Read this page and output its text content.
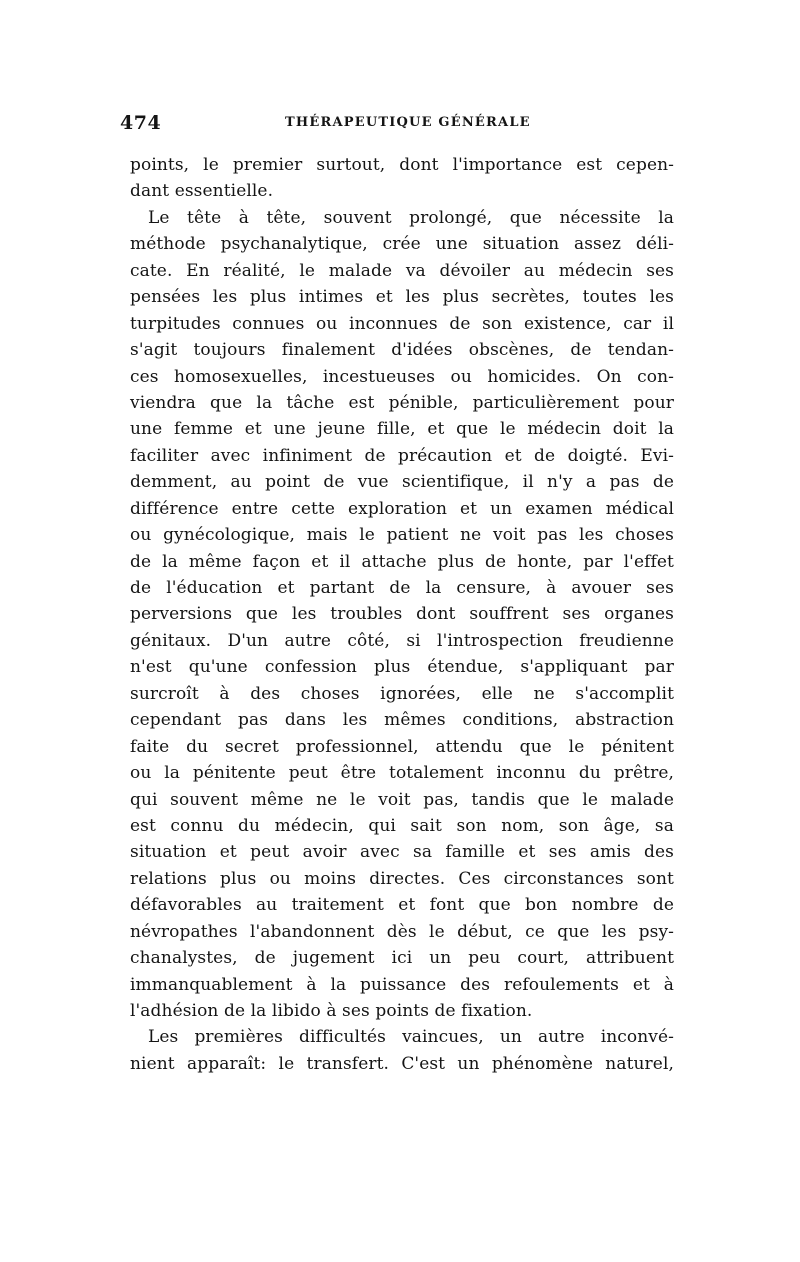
474	THÉRAPEUTIQUE GÉNÉRALE
points, le premier surtout, dont l'importance est cepen-
dant essentielle.
Le tête à tête, souvent prolongé, que nécessite la
méthode psychanalytique, crée une situation assez déli-
cate. En réalité, le malade va dévoiler au médecin ses
pensées les plus intimes et les plus secrètes, toutes les
turpitudes connues ou inconnues de son existence, car il
s'agit toujours finalement d'idées obscènes, de tendan-
ces homosexuelles, incestueuses ou homicides. On con-
viendra que la tâche est pénible, particulièrement pour
une femme et une jeune fille, et que le médecin doit la
faciliter avec infiniment de précaution et de doigté. Evi-
demment, au point de vue scientifique, il n'y a pas de
différence entre cette exploration et un examen médical
ou gynécologique, mais le patient ne voit pas les choses
de la même façon et il attache plus de honte, par l'effet
de l'éducation et partant de la censure, à avouer ses
perversions que les troubles dont souffrent ses organes
génitaux. D'un autre côté, si l'introspection freudienne
n'est qu'une confession plus étendue, s'appliquant par
surcroît à des choses ignorées, elle ne s'accomplit
cependant pas dans les mêmes conditions, abstraction
faite du secret professionnel, attendu que le pénitent
ou la pénitente peut être totalement inconnu du prêtre,
qui souvent même ne le voit pas, tandis que le malade
est connu du médecin, qui sait son nom, son âge, sa
situation et peut avoir avec sa famille et ses amis des
relations plus ou moins directes. Ces circonstances sont
défavorables au traitement et font que bon nombre de
névropathes l'abandonnent dès le début, ce que les psy-
chanalystes, de jugement ici un peu court, attribuent
immanquablement à la puissance des refoulements et à
l'adhésion de la libido à ses points de fixation.
Les premières difficultés vaincues, un autre inconvé-
nient apparaît: le transfert. C'est un phénomène naturel,
